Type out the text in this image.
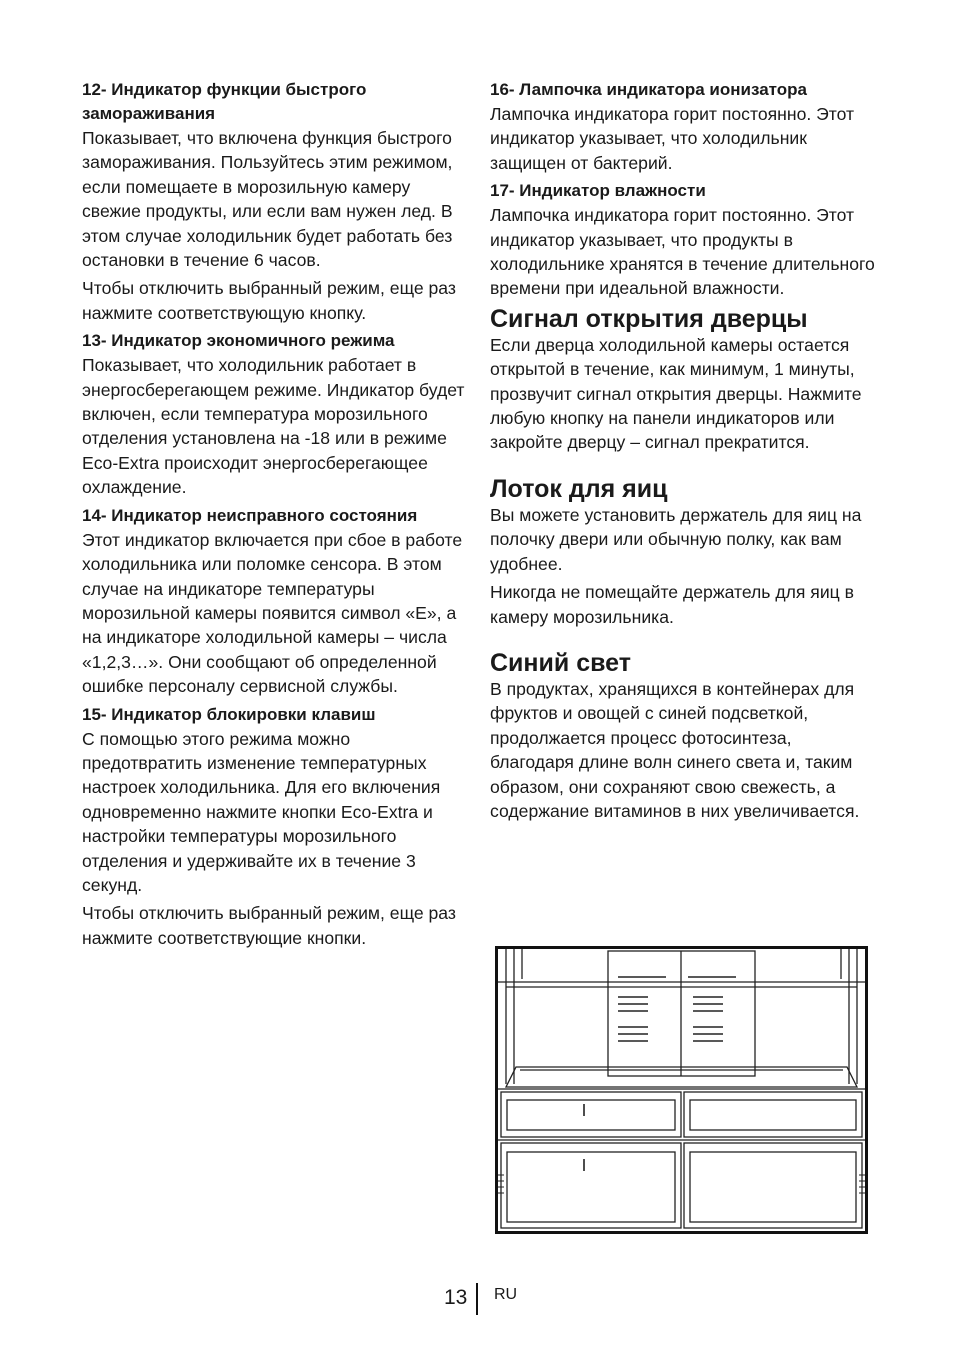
12- Индикатор функции быстрого замораживания

Показывает, что включена функция быстрого замораживания. Пользуйтесь этим режимом, если помещаете в морозильную камеру свежие продукты, или если вам нужен лед. В этом случае холодильник будет работать без остановки в течение 6 часов.

Чтобы отключить выбранный режим, еще раз нажмите соответствующую кнопку.

13- Индикатор экономичного режима

Показывает, что холодильник работает в энергосберегающем режиме. Индикатор будет включен, если температура морозильного отделения установлена на -18 или в режиме Eco-Extra происходит энергосберегающее охлаждение.

14- Индикатор неисправного состояния

Этот индикатор включается при сбое в работе холодильника или поломке сенсора. В этом случае на индикаторе температуры морозильной камеры появится символ «E», а на индикаторе холодильной камеры – числа «1,2,3…». Они сообщают об определенной ошибке персоналу сервисной службы.

15- Индикатор блокировки клавиш

С помощью этого режима можно предотвратить изменение температурных настроек холодильника. Для его включения одновременно нажмите кнопки Eco-Extra и настройки температуры морозильного отделения и удерживайте их в течение 3 секунд.

Чтобы отключить выбранный режим, еще раз нажмите соответствующие кнопки.

16- Лампочка индикатора ионизатора

Лампочка индикатора горит постоянно. Этот индикатор указывает, что холодильник защищен от бактерий.

17- Индикатор влажности

Лампочка индикатора горит постоянно. Этот индикатор указывает, что продукты в холодильнике хранятся в течение длительного времени при идеальной влажности.

Сигнал открытия дверцы

Если дверца холодильной камеры остается открытой в течение, как минимум, 1 минуты, прозвучит сигнал открытия дверцы. Нажмите любую кнопку на панели индикаторов или закройте дверцу – сигнал прекратится.

Лоток для яиц

Вы можете установить держатель для яиц на полочку двери или обычную полку, как вам удобнее.

Никогда не помещайте держатель для яиц в камеру морозильника.

Синий свет

В продуктах, хранящихся в контейнерах для фруктов и овощей с синей подсветкой, продолжается процесс фотосинтеза, благодаря длине волн синего света и, таким образом, они сохраняют свою свежесть, а содержание витаминов в них увеличивается.

13 RU
